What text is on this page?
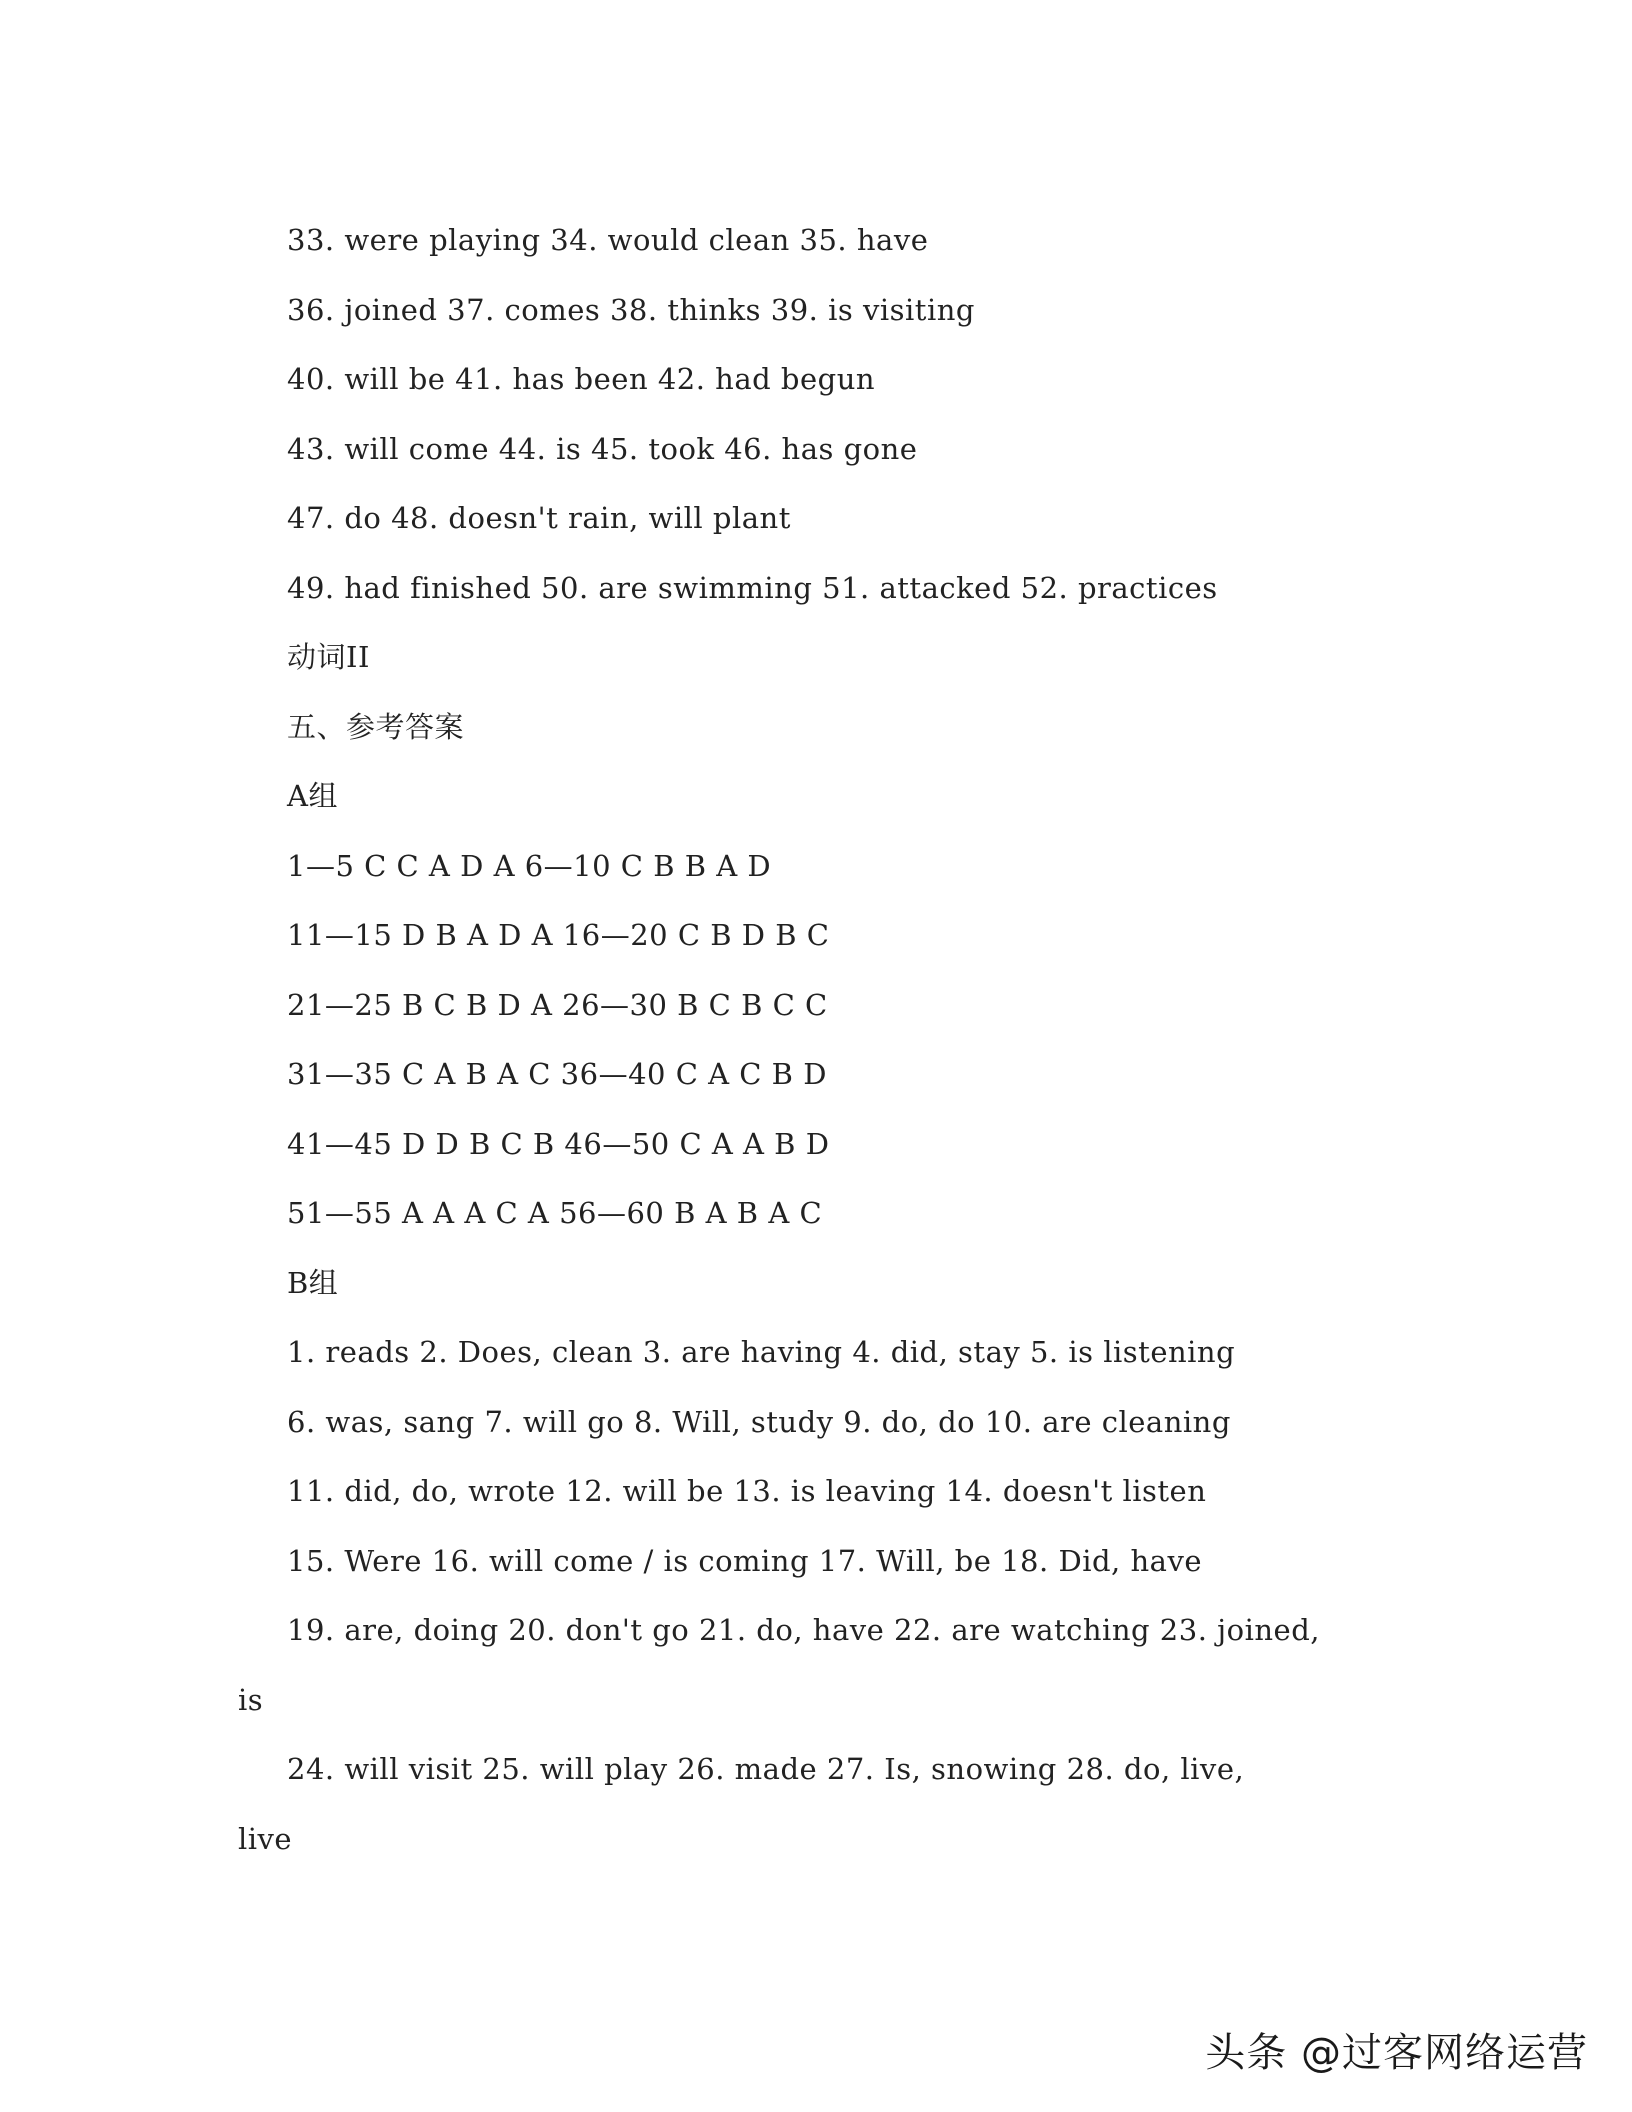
33. were playing 34. would clean 35. have
36. joined 37. comes 38. thinks 39. is visiting
40. will be 41. has been 42. had begun
43. will come 44. is 45. took 46. has gone
47. do 48. doesn't rain, will plant
49. had finished 50. are swimming 51. attacked 52. practices
动词II
五、参考答案
A组
1—5 C C A D A 6—10 C B B A D
11—15 D B A D A 16—20 C B D B C
21—25 B C B D A 26—30 B C B C C
31—35 C A B A C 36—40 C A C B D
41—45 D D B C B 46—50 C A A B D
51—55 A A A C A 56—60 B A B A C
B组
1. reads 2. Does, clean 3. are having 4. did, stay 5. is listening
6. was, sang 7. will go 8. Will, study 9. do, do 10. are cleaning
11. did, do, wrote 12. will be 13. is leaving 14. doesn't listen
15. Were 16. will come / is coming 17. Will, be 18. Did, have
19. are, doing 20. don't go 21. do, have 22. are watching 23. joined,
is
24. will visit 25. will play 26. made 27. Is, snowing 28. do, live,
live
头条 @过客网络运营
